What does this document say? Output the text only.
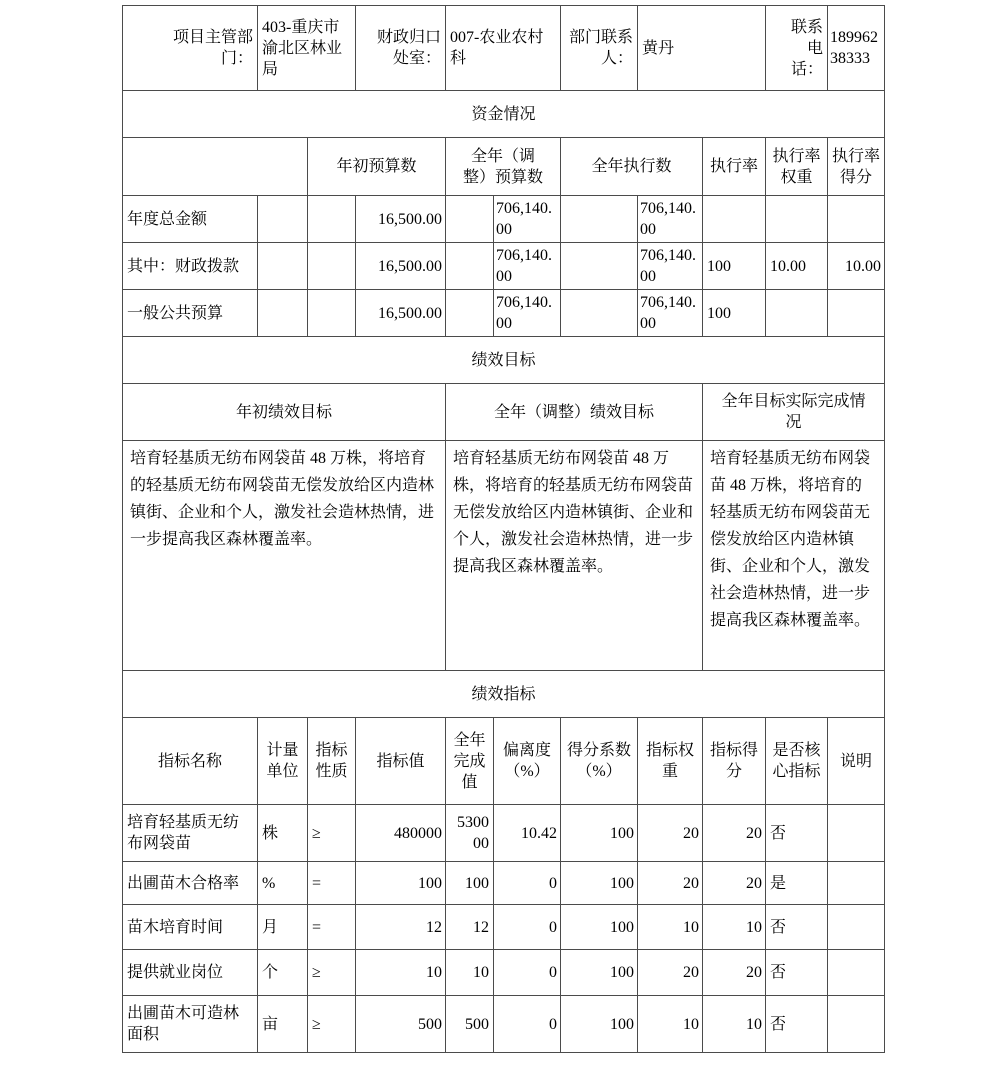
项目主管部门：	403-重庆市渝北区林业局		财政归口处室：	007-农业农村科		部门联系人：	黄丹		联系电话：	18996238333
资金情况										
		年初预算数		全年（调整）预算数		全年执行数		执行率	执行率权重	执行率得分
年度总金额			16,500.00		706,140.00		706,140.00			
其中：财政拨款			16,500.00		706,140.00		706,140.00	100	10.00	10.00
一般公共预算			16,500.00		706,140.00		706,140.00	100		
绩效目标										
年初绩效目标				全年（调整）绩效目标				全年目标实际完成情况		
培育轻基质无纺布网袋苗 48 万株，将培育的轻基质无纺布网袋苗无偿发放给区内造林镇街、企业和个人，激发社会造林热情，进一步提高我区森林覆盖率。				培育轻基质无纺布网袋苗 48 万株，将培育的轻基质无纺布网袋苗无偿发放给区内造林镇街、企业和个人，激发社会造林热情，进一步提高我区森林覆盖率。				培育轻基质无纺布网袋苗 48 万株，将培育的轻基质无纺布网袋苗无偿发放给区内造林镇街、企业和个人，激发社会造林热情，进一步提高我区森林覆盖率。		
绩效指标										
指标名称	计量单位	指标性质	指标值	全年完成值	偏离度（%）	得分系数（%）	指标权重	指标得分	是否核心指标	说明
培育轻基质无纺布网袋苗	株	≥	480000	530000	10.42	100	20	20	否	
出圃苗木合格率	%	=	100	100	0	100	20	20	是	
苗木培育时间	月	=	12	12	0	100	10	10	否	
提供就业岗位	个	≥	10	10	0	100	20	20	否	
出圃苗木可造林面积	亩	≥	500	500	0	100	10	10	否	
